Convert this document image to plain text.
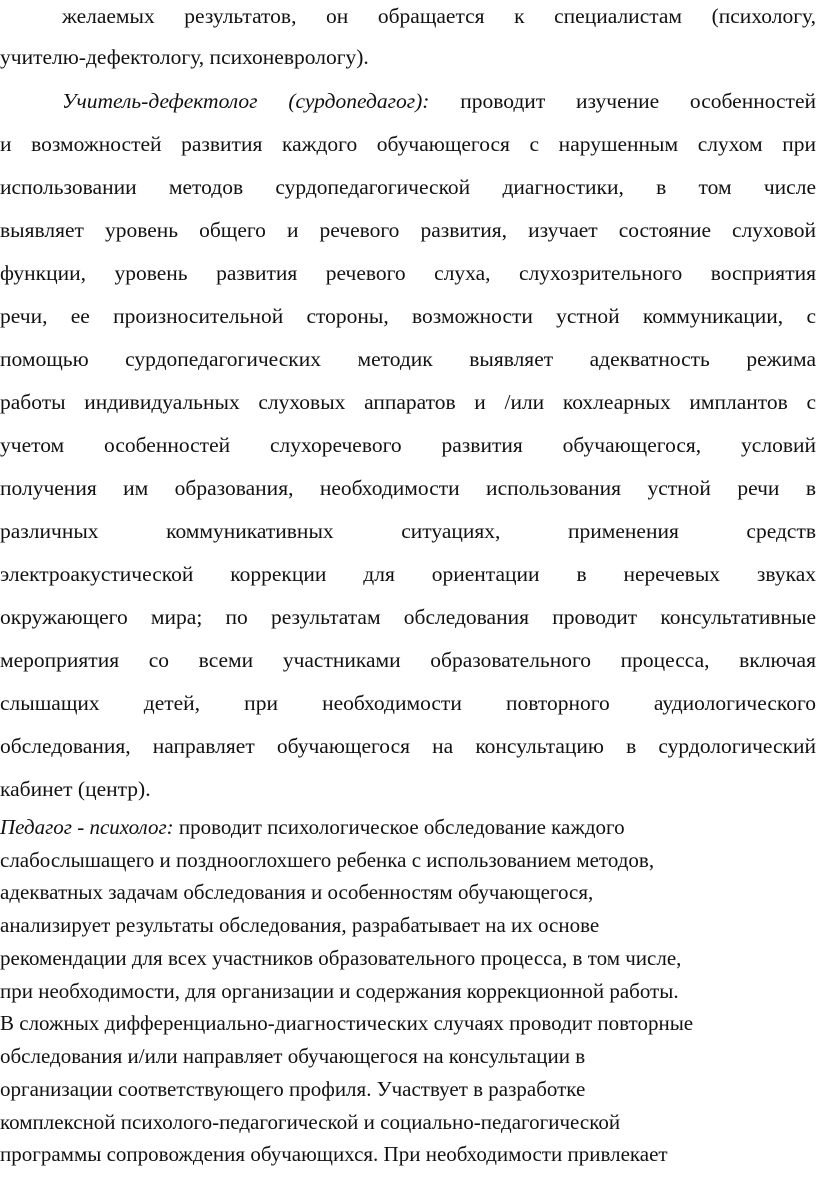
желаемых результатов, он обращается к специалистам (психологу,
учителю-дефектологу, психоневрологу).
Учитель-дефектолог (сурдопедагог): проводит изучение особенностей
и возможностей развития каждого обучающегося с нарушенным слухом при
использовании методов сурдопедагогической диагностики, в том числе
выявляет уровень общего и речевого развития, изучает состояние слуховой
функции, уровень развития речевого слуха, слухозрительного восприятия
речи, ее произносительной стороны, возможности устной коммуникации, с
помощью сурдопедагогических методик выявляет адекватность режима
работы индивидуальных слуховых аппаратов и /или кохлеарных имплантов с
учетом особенностей слухоречевого развития обучающегося, условий
получения им образования, необходимости использования устной речи в
различных коммуникативных ситуациях, применения средств
электроакустической коррекции для ориентации в неречевых звуках
окружающего мира; по результатам обследования проводит консультативные
мероприятия со всеми участниками образовательного процесса, включая
слышащих детей, при необходимости повторного аудиологического
обследования, направляет обучающегося на консультацию в сурдологический
кабинет (центр).
Педагог - психолог: проводит психологическое обследование каждого
слабослышащего и позднооглохшего ребенка с использованием методов,
адекватных задачам обследования и особенностям обучающегося,
анализирует результаты обследования, разрабатывает на их основе
рекомендации для всех участников образовательного процесса, в том числе,
при необходимости, для организации и содержания коррекционной работы.
В сложных дифференциально-диагностических случаях проводит повторные
обследования и/или направляет обучающегося на консультации в
организации соответствующего профиля. Участвует в разработке
комплексной психолого-педагогической и социально-педагогической
программы сопровождения обучающихся. При необходимости привлекает
